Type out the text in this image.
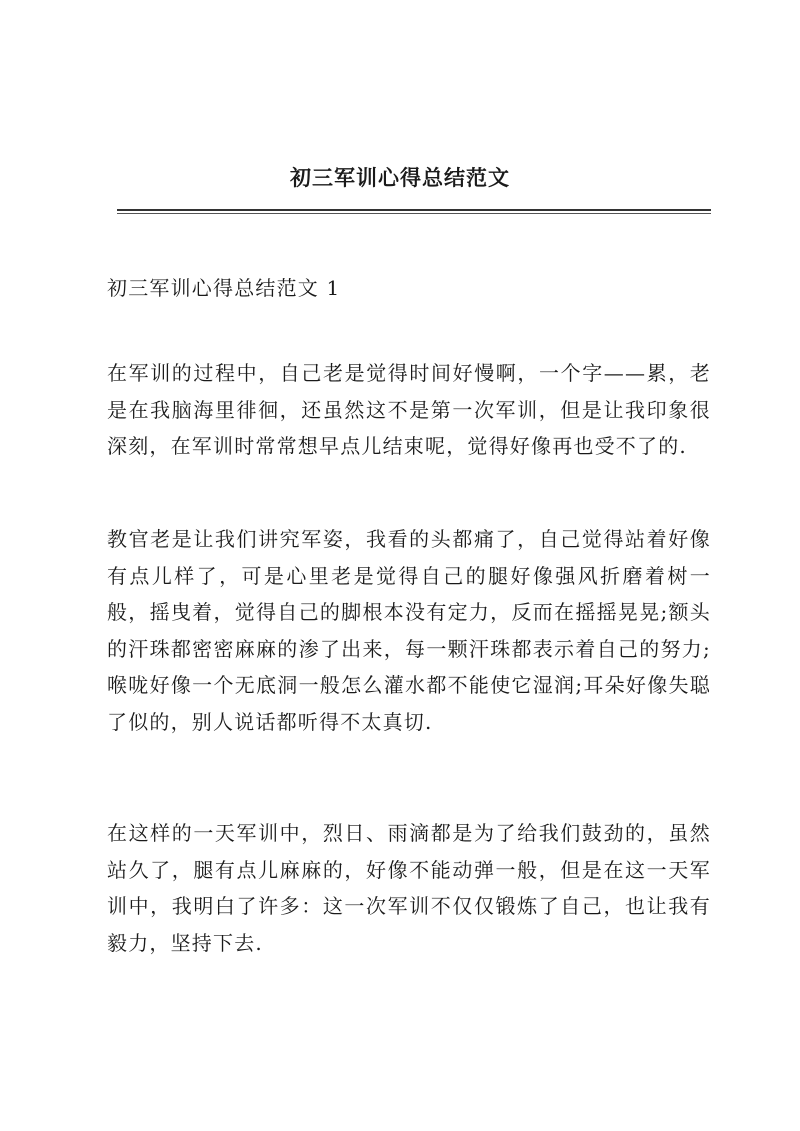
初三军训心得总结范文

初三军训心得总结范文 1

在军训的过程中，自己老是觉得时间好慢啊，一个字——累，老是在我脑海里徘徊，还虽然这不是第一次军训，但是让我印象很深刻，在军训时常常想早点儿结束呢，觉得好像再也受不了的.

教官老是让我们讲究军姿，我看的头都痛了，自己觉得站着好像有点儿样了，可是心里老是觉得自己的腿好像强风折磨着树一般，摇曳着，觉得自己的脚根本没有定力，反而在摇摇晃晃;额头的汗珠都密密麻麻的渗了出来，每一颗汗珠都表示着自己的努力;喉咙好像一个无底洞一般怎么灌水都不能使它湿润;耳朵好像失聪了似的，别人说话都听得不太真切.

在这样的一天军训中，烈日、雨滴都是为了给我们鼓劲的，虽然站久了，腿有点儿麻麻的，好像不能动弹一般，但是在这一天军训中，我明白了许多：这一次军训不仅仅锻炼了自己，也让我有毅力，坚持下去.
